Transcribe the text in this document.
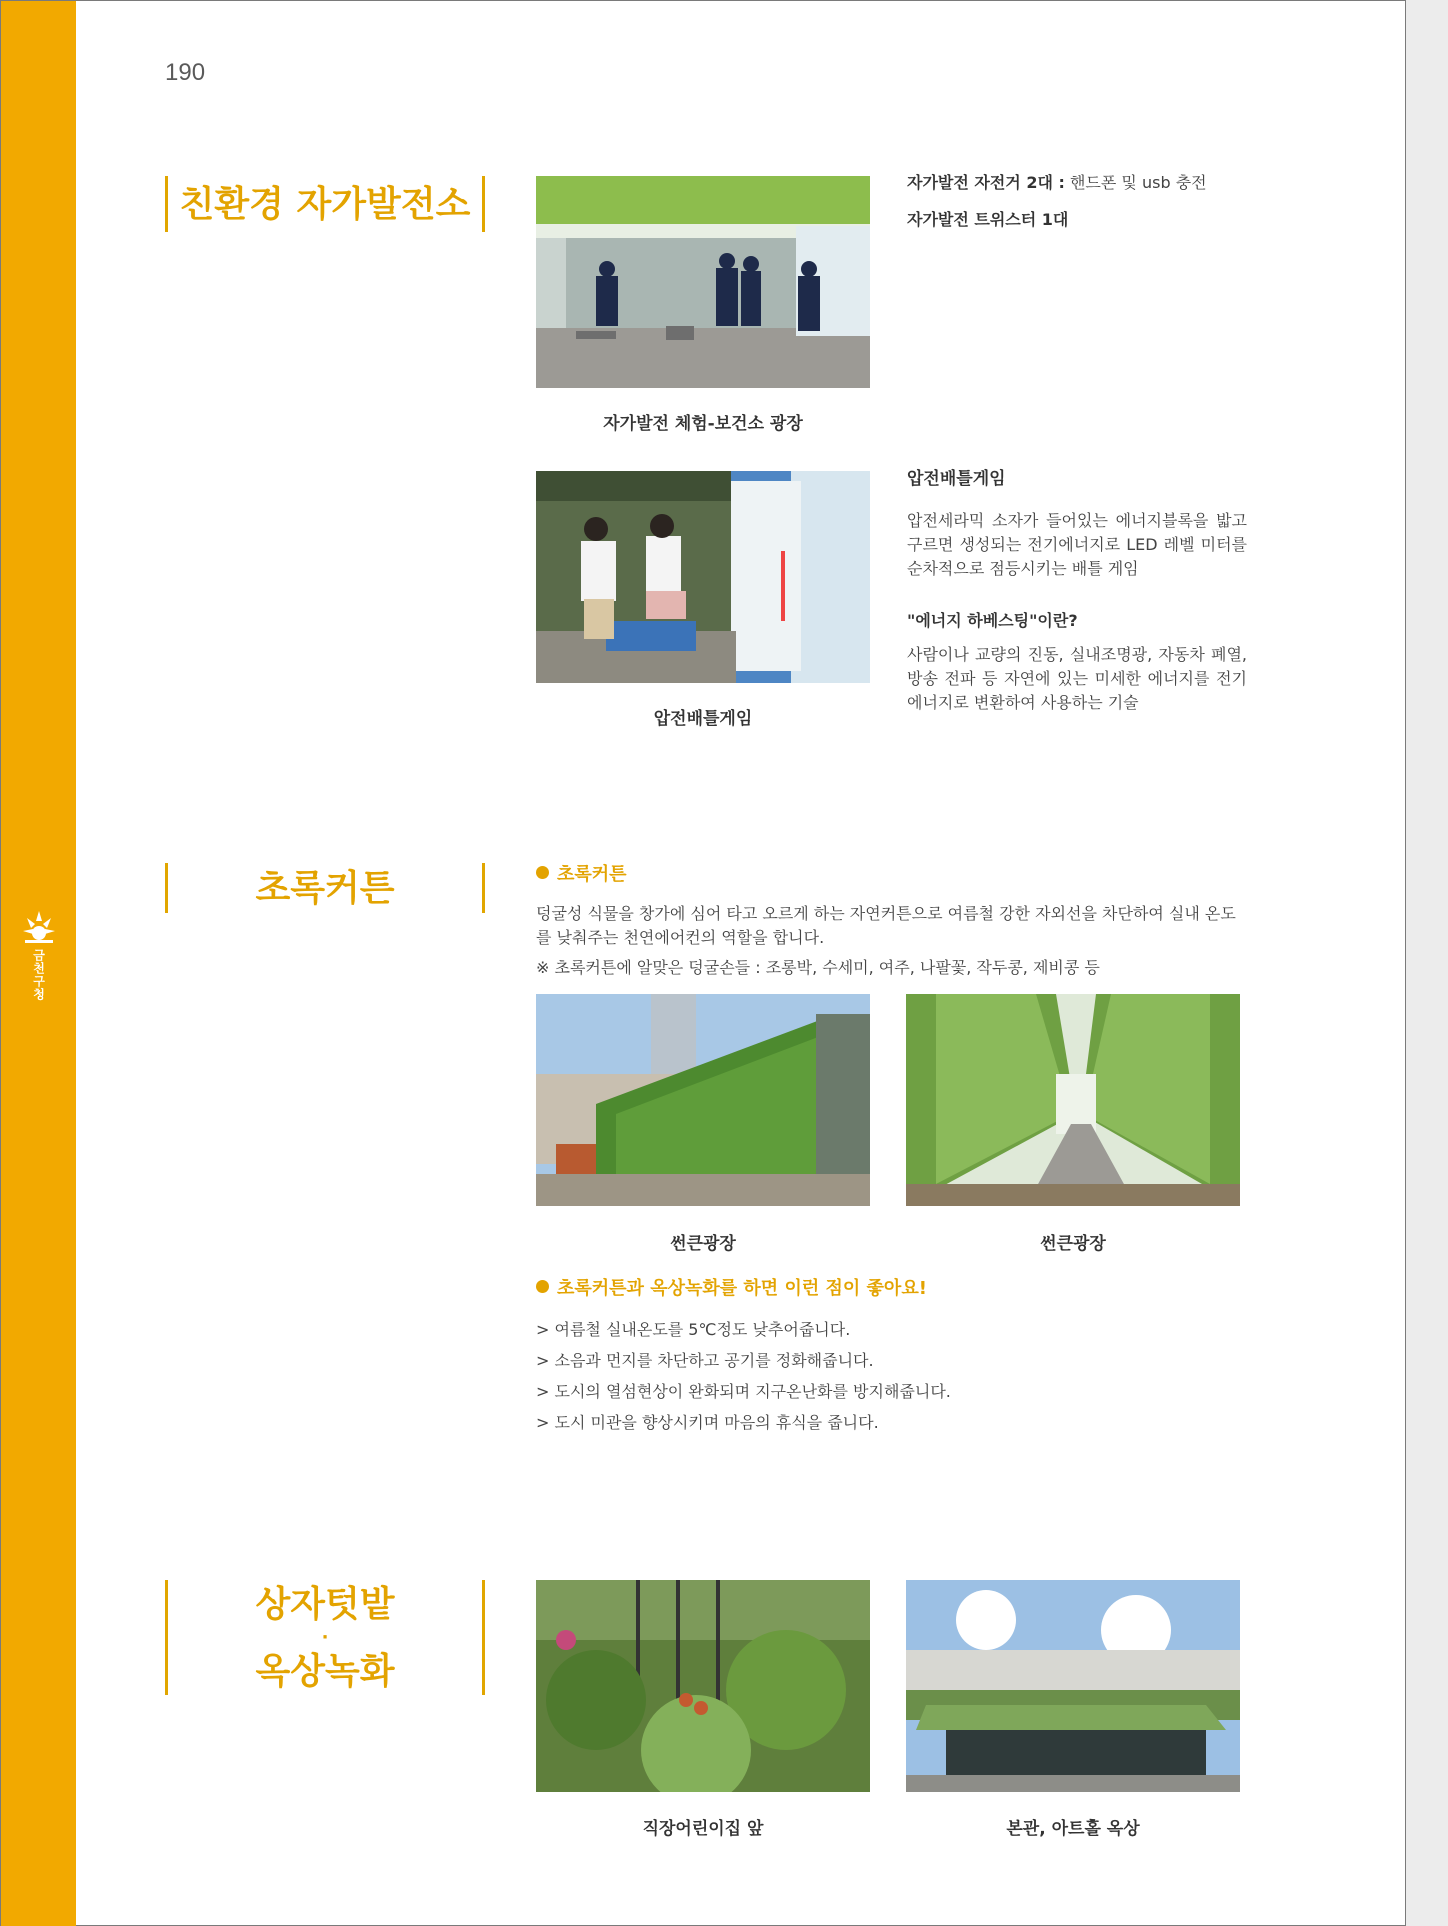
금천구청
190
친환경 자가발전소
자가발전 체험-보건소 광장
자가발전 자전거 2대 : 핸드폰 및 usb 충전
자가발전 트위스터 1대
압전배틀게임
압전배틀게임
압전세라믹 소자가 들어있는 에너지블록을 밟고 구르면 생성되는 전기에너지로 LED 레벨 미터를 순차적으로 점등시키는 배틀 게임
"에너지 하베스팅"이란?
사람이나 교량의 진동, 실내조명광, 자동차 폐열, 방송 전파 등 자연에 있는 미세한 에너지를 전기 에너지로 변환하여 사용하는 기술
초록커튼	초록커튼
덩굴성 식물을 창가에 심어 타고 오르게 하는 자연커튼으로 여름철 강한 자외선을 차단하여 실내 온도를 낮춰주는 천연에어컨의 역할을 합니다.
※ 초록커튼에 알맞은 덩굴손들 : 조롱박, 수세미, 여주, 나팔꽃, 작두콩, 제비콩 등
썬큰광장	썬큰광장
초록커튼과 옥상녹화를 하면 이런 점이 좋아요!
> 여름철 실내온도를 5℃정도 낮추어줍니다.
> 소음과 먼지를 차단하고 공기를 정화해줍니다.
> 도시의 열섬현상이 완화되며 지구온난화를 방지해줍니다.
> 도시 미관을 향상시키며 마음의 휴식을 줍니다.
상자텃밭
·
옥상녹화
직장어린이집 앞	본관, 아트홀 옥상
